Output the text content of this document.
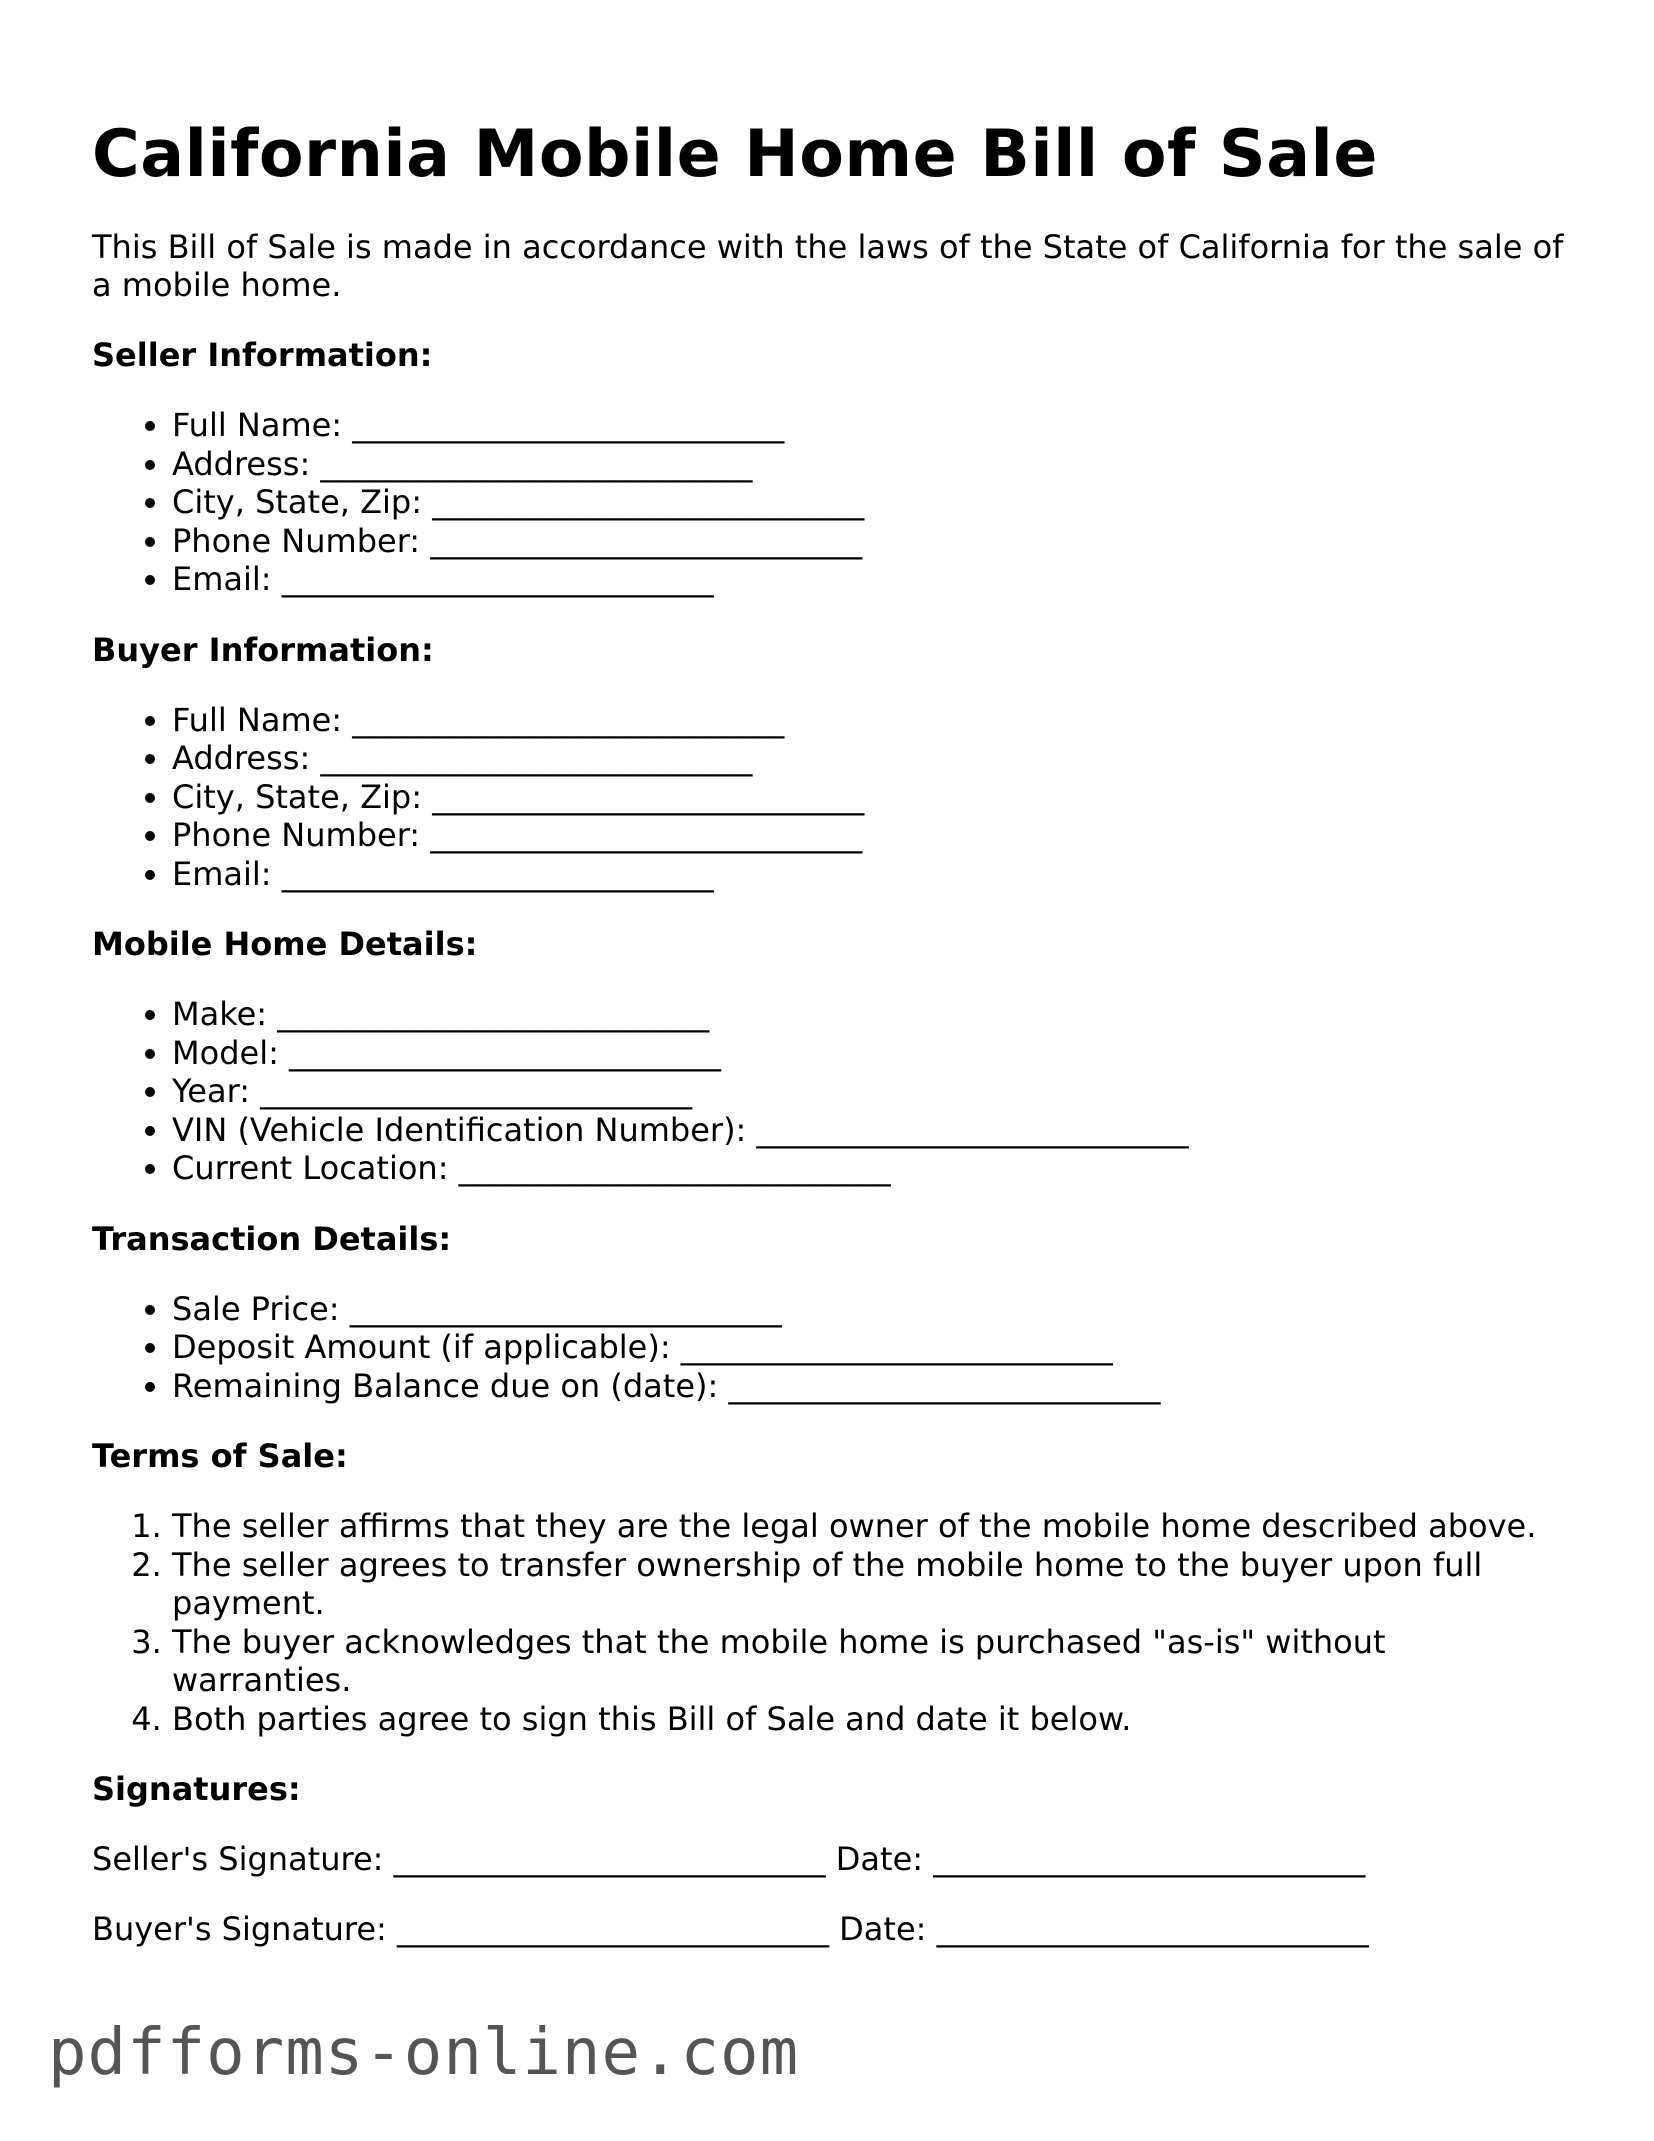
California Mobile Home Bill of Sale

This Bill of Sale is made in accordance with the laws of the State of California for the sale of a mobile home.

Seller Information:
• Full Name: ___________________________
• Address: ___________________________
• City, State, Zip: ___________________________
• Phone Number: ___________________________
• Email: ___________________________
Buyer Information:
• Full Name: ___________________________
• Address: ___________________________
• City, State, Zip: ___________________________
• Phone Number: ___________________________
• Email: ___________________________
Mobile Home Details:
• Make: ___________________________
• Model: ___________________________
• Year: ___________________________
• VIN (Vehicle Identification Number): ___________________________
• Current Location: ___________________________
Transaction Details:
• Sale Price: ___________________________
• Deposit Amount (if applicable): ___________________________
• Remaining Balance due on (date): ___________________________
Terms of Sale:
1. The seller affirms that they are the legal owner of the mobile home described above.
2. The seller agrees to transfer ownership of the mobile home to the buyer upon full payment.
3. The buyer acknowledges that the mobile home is purchased "as-is" without warranties.
4. Both parties agree to sign this Bill of Sale and date it below.
Signatures:

Seller's Signature: ___________________________ Date: ___________________________

Buyer's Signature: ___________________________ Date: ___________________________

pdfforms-online.com
